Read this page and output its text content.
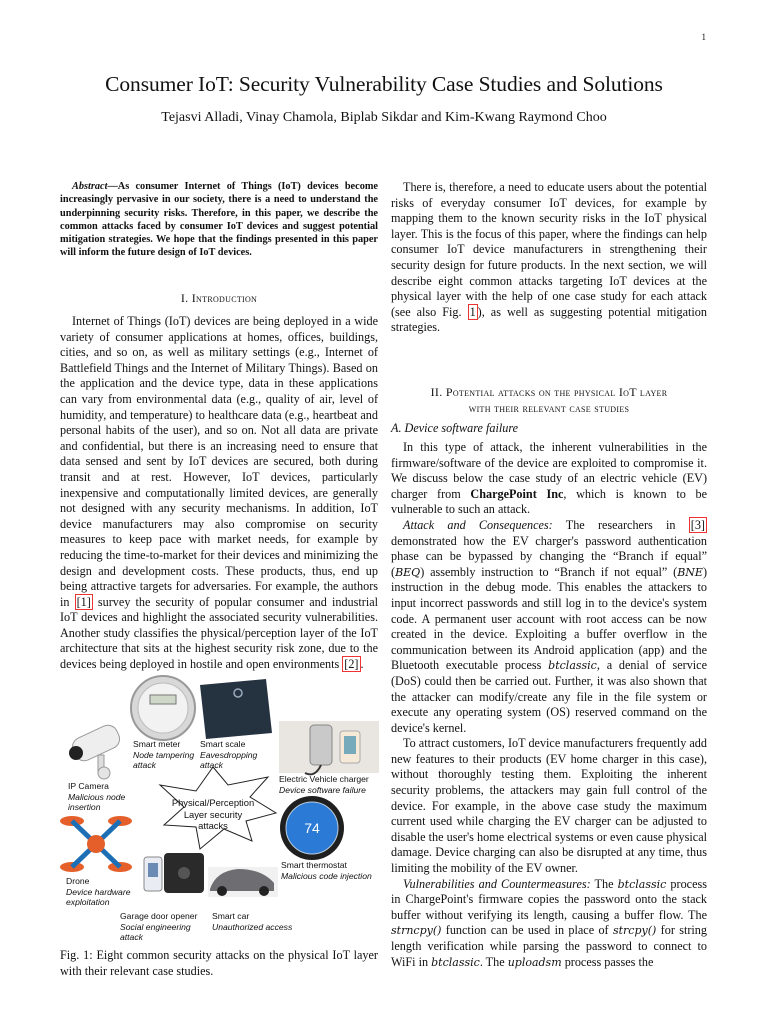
1
Consumer IoT: Security Vulnerability Case Studies and Solutions
Tejasvi Alladi, Vinay Chamola, Biplab Sikdar and Kim-Kwang Raymond Choo

Abstract—As consumer Internet of Things (IoT) devices become increasingly pervasive in our society, there is a need to understand the underpinning security risks. Therefore, in this paper, we describe the common attacks faced by consumer IoT devices and suggest potential mitigation strategies. We hope that the findings presented in this paper will inform the future design of IoT devices.

I. Introduction

Internet of Things (IoT) devices are being deployed in a wide variety of consumer applications at homes, offices, buildings, cities, and so on, as well as military settings (e.g., Internet of Battlefield Things and the Internet of Military Things). Based on the application and the device type, data in these applications can vary from environmental data (e.g., quality of air, level of humidity, and temperature) to healthcare data (e.g., heartbeat and personal habits of the user), and so on. Not all data are private and confidential, but there is an increasing need to ensure that data sensed and sent by IoT devices are secured, both during transit and at rest. However, IoT devices, particularly inexpensive and computationally limited devices, are generally not designed with any security mechanisms. In addition, IoT device manufacturers may also compromise on security measures to keep pace with market needs, for example by reducing the time-to-market for their devices and minimizing the design and development costs. These products, thus, end up being attractive targets for adversaries. For example, the authors in [1] survey the security of popular consumer and industrial IoT devices and highlight the associated security vulnerabilities. Another study classifies the physical/perception layer of the IoT architecture that sits at the highest security risk zone, due to the devices being deployed in hostile and open environments [2] .

74
Physical/Perception Layer security attacks
Smart meter
Node tampering attack
Smart scale
Eavesdropping attack
IP Camera
Malicious node insertion
Electric Vehicle charger
Device software failure
Smart thermostat
Malicious code injection
Drone
Device hardware exploitation
Garage door opener
Social engineering attack
Smart car
Unauthorized access
Fig. 1: Eight common security attacks on the physical IoT layer with their relevant case studies.

There is, therefore, a need to educate users about the potential risks of everyday consumer IoT devices, for example by mapping them to the known security risks in the IoT physical layer. This is the focus of this paper, where the findings can help consumer IoT device manufacturers in strengthening their security design for future products. In the next section, we will describe eight common attacks targeting IoT devices at the physical layer with the help of one case study for each attack (see also Fig. 1 ), as well as suggesting potential mitigation strategies.

II. Potential attacks on the physical IoT layer
with their relevant case studies
A. Device software failure

In this type of attack, the inherent vulnerabilities in the firmware/software of the device are exploited to compromise it. We discuss below the case study of an electric vehicle (EV) charger from ChargePoint Inc, which is known to be vulnerable to such an attack.

Attack and Consequences: The researchers in [3] demonstrated how the EV charger's password authentication phase can be bypassed by changing the “Branch if equal” (BEQ) assembly instruction to “Branch if not equal” (BNE) instruction in the debug mode. This enables the attackers to input incorrect passwords and still log in to the device's system code. A permanent user account with root access can be now created in the device. Exploiting a buffer overflow in the communication between its Android application (app) and the Bluetooth executable process btclassic, a denial of service (DoS) could then be carried out. Further, it was also shown that the attacker can modify/create any file in the file system or execute any operating system (OS) reserved command on the device's kernel.

To attract customers, IoT device manufacturers frequently add new features to their products (EV home charger in this case), without thoroughly testing them. Exploiting the inherent security problems, the attackers may gain full control of the device. For example, in the above case study the maximum current used while charging the EV charger can be adjusted to disable the user's home electrical systems or even cause physical damage. Device charging can also be disrupted at any time, thus limiting the mobility of the EV owner.

Vulnerabilities and Countermeasures: The btclassic process in ChargePoint's firmware copies the password onto the stack buffer without verifying its length, causing a buffer flow. The strncpy() function can be used in place of strcpy() for string length verification while parsing the password to connect to WiFi in btclassic. The uploadsm process passes the
